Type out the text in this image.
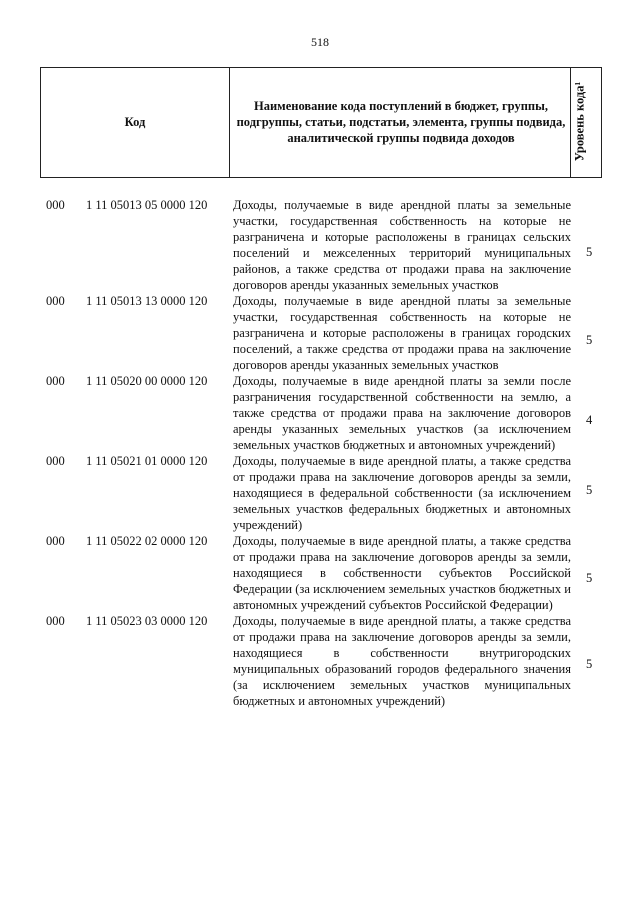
518
Код
Наименование кода поступлений в бюджет, группы, подгруппы, статьи, подстатьи, элемента, группы подвида, аналитической группы подвида доходов	Уровень кода¹
000 1 11 05013 05 0000 120 Доходы, получаемые в виде арендной платы за земельные участки, государственная собственность на которые не разграничена и которые расположены в границах сельских поселений и межселенных территорий муниципальных районов, а также средства от продажи права на заключение договоров аренды указанных земельных участков
5
000 1 11 05013 13 0000 120 Доходы, получаемые в виде арендной платы за земельные участки, государственная собственность на которые не разграничена и которые расположены в границах городских поселений, а также средства от продажи права на заключение договоров аренды указанных земельных участков
5
000 1 11 05020 00 0000 120 Доходы, получаемые в виде арендной платы за земли после разграничения государственной собственности на землю, а также средства от продажи права на заключение договоров аренды указанных земельных участков (за исключением земельных участков бюджетных и автономных учреждений)
4
000 1 11 05021 01 0000 120 Доходы, получаемые в виде арендной платы, а также средства от продажи права на заключение договоров аренды за земли, находящиеся в федеральной собственности (за исключением земельных участков федеральных бюджетных и автономных учреждений)
5
000 1 11 05022 02 0000 120 Доходы, получаемые в виде арендной платы, а также средства от продажи права на заключение договоров аренды за земли, находящиеся в собственности субъектов Российской Федерации (за исключением земельных участков бюджетных и автономных учреждений субъектов Российской Федерации)
5
000 1 11 05023 03 0000 120 Доходы, получаемые в виде арендной платы, а также средства от продажи права на заключение договоров аренды за земли, находящиеся в собственности внутригородских муниципальных образований городов федерального значения (за исключением земельных участков муниципальных бюджетных и автономных учреждений)
5
